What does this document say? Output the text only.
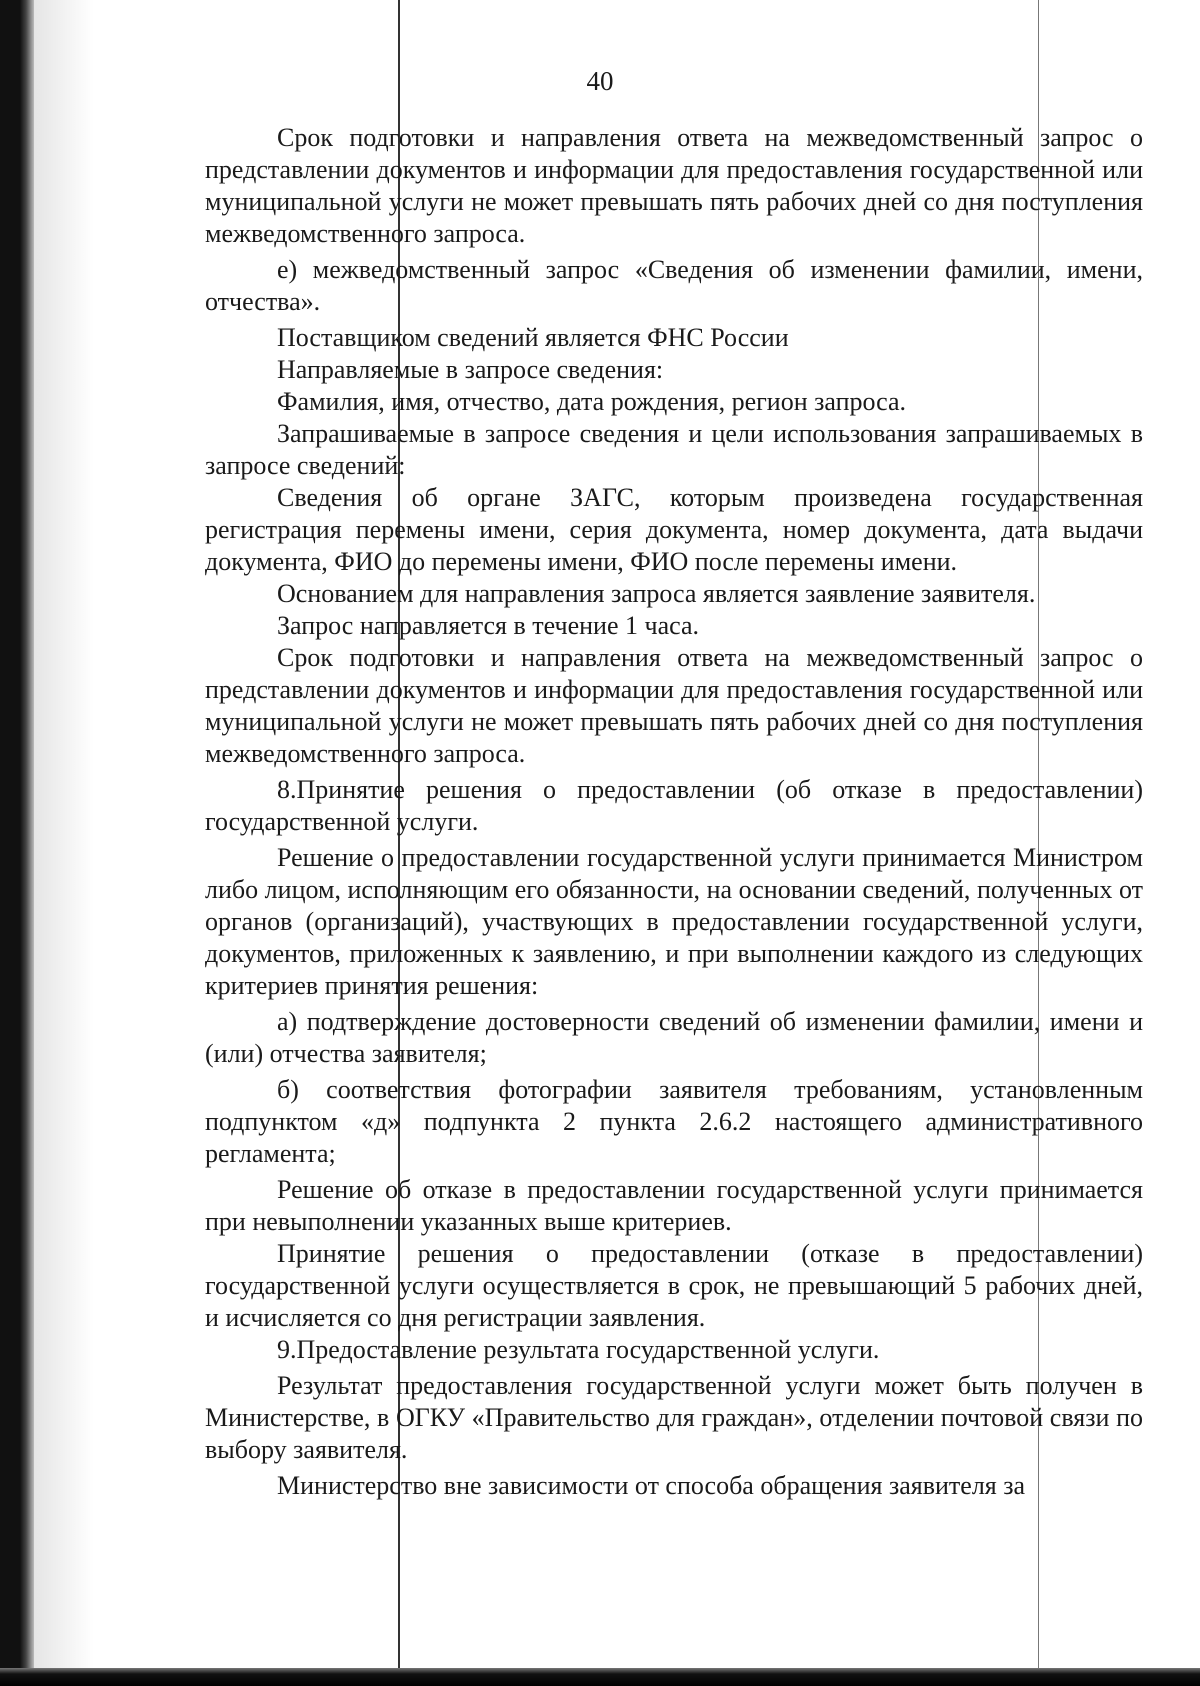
40

Срок подготовки и направления ответа на межведомственный запрос о представлении документов и информации для предоставления государственной или муниципальной услуги не может превышать пять рабочих дней со дня поступления межведомственного запроса.

е) межведомственный запрос «Сведения об изменении фамилии, имени, отчества».

Поставщиком сведений является ФНС России

Направляемые в запросе сведения:

Фамилия, имя, отчество, дата рождения, регион запроса.

Запрашиваемые в запросе сведения и цели использования запрашиваемых в запросе сведений:

Сведения об органе ЗАГС, которым произведена государственная регистрация перемены имени, серия документа, номер документа, дата выдачи документа, ФИО до перемены имени, ФИО после перемены имени.

Основанием для направления запроса является заявление заявителя.

Запрос направляется в течение 1 часа.

Срок подготовки и направления ответа на межведомственный запрос о представлении документов и информации для предоставления государственной или муниципальной услуги не может превышать пять рабочих дней со дня поступления межведомственного запроса.

8.Принятие решения о предоставлении (об отказе в предоставлении) государственной услуги.

Решение о предоставлении государственной услуги принимается Министром либо лицом, исполняющим его обязанности, на основании сведений, полученных от органов (организаций), участвующих в предоставлении государственной услуги, документов, приложенных к заявлению, и при выполнении каждого из следующих критериев принятия решения:

а) подтверждение достоверности сведений об изменении фамилии, имени и (или) отчества заявителя;

б) соответствия фотографии заявителя требованиям, установленным подпунктом «д» подпункта 2 пункта 2.6.2 настоящего административного регламента;

Решение об отказе в предоставлении государственной услуги принимается при невыполнении указанных выше критериев.

Принятие решения о предоставлении (отказе в предоставлении) государственной услуги осуществляется в срок, не превышающий 5 рабочих дней, и исчисляется со дня регистрации заявления.

9.Предоставление результата государственной услуги.

Результат предоставления государственной услуги может быть получен в Министерстве, в ОГКУ «Правительство для граждан», отделении почтовой связи по выбору заявителя.

Министерство вне зависимости от способа обращения заявителя за
